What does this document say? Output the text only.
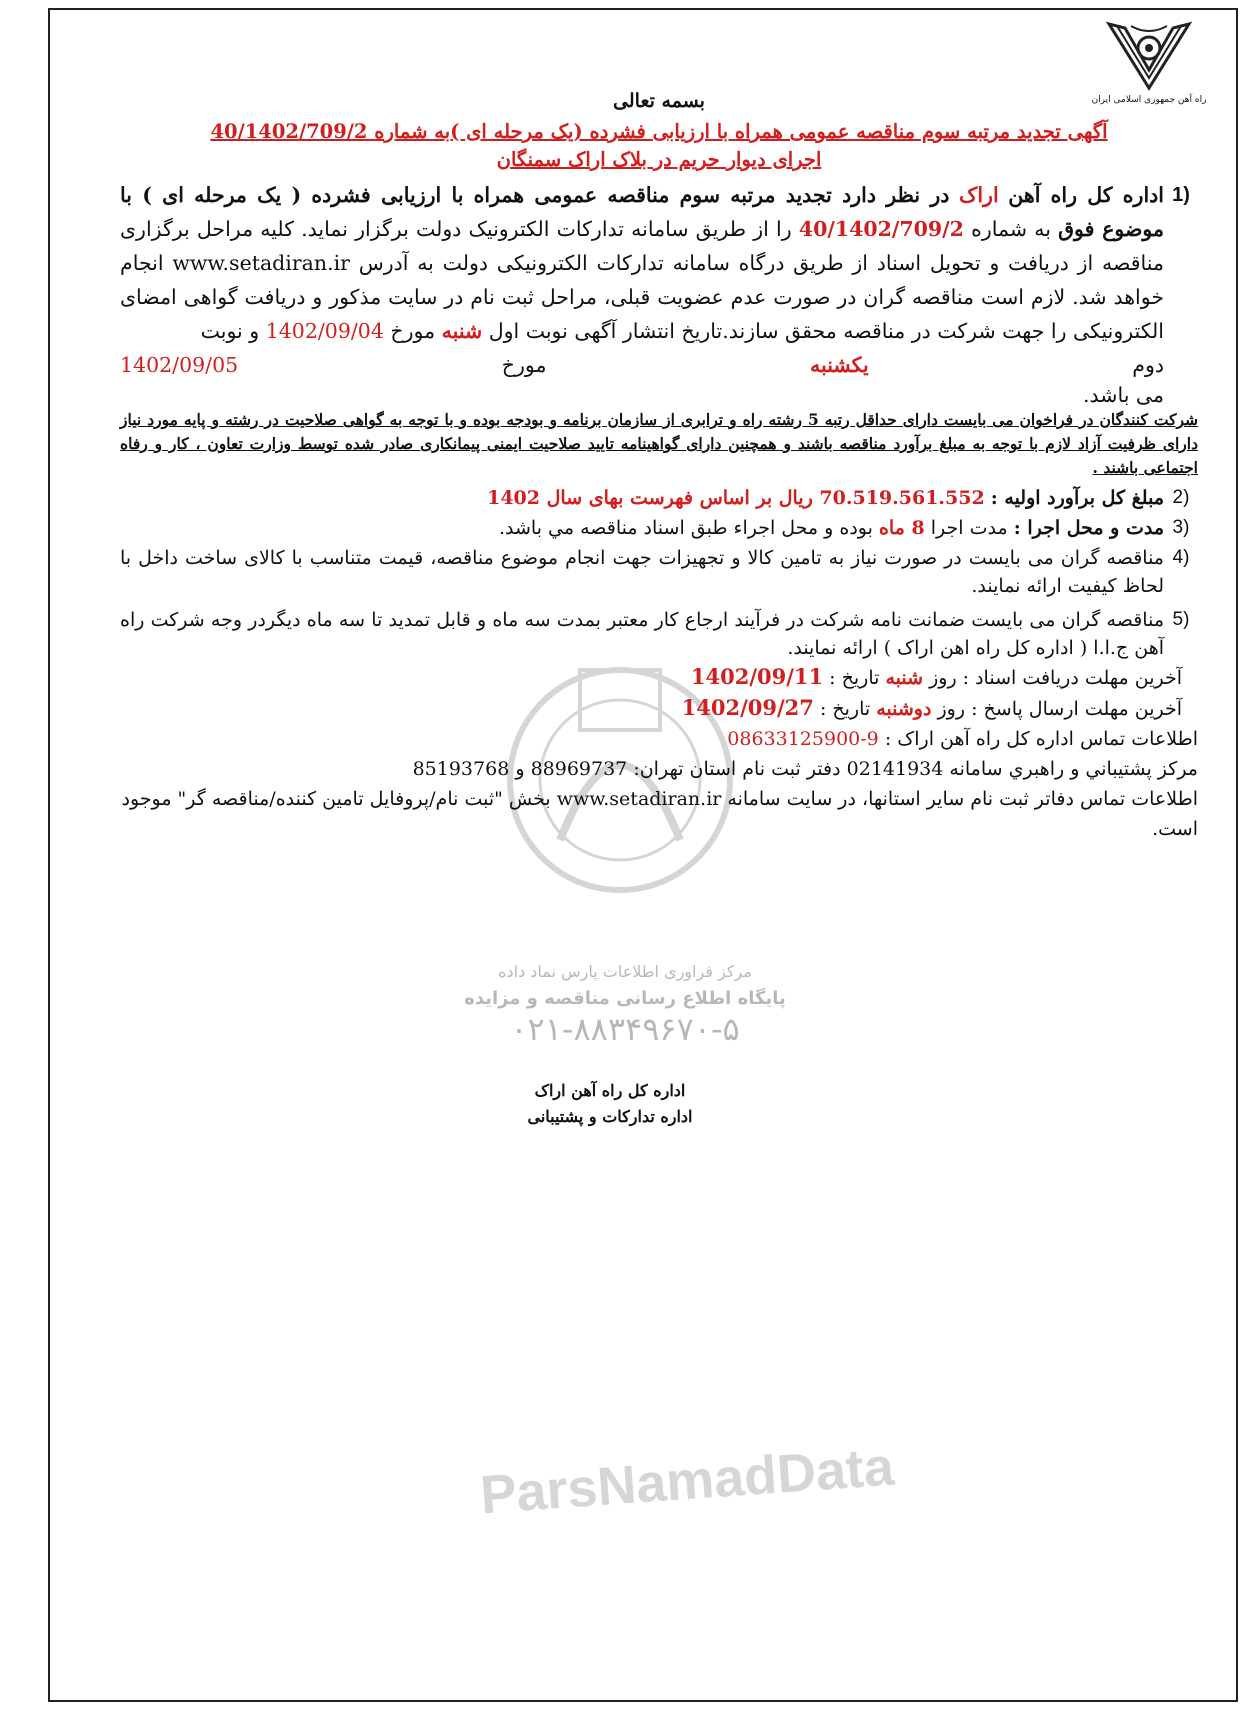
راه آهن جمهوری اسلامی ایران
مرکز فراوری اطلاعات پارس نماد داده
پایگاه اطلاع رسانی مناقصه و مزایده
۰۲۱-۸۸۳۴۹۶۷۰-۵
ParsNamadData
بسمه تعالی
آگهی تجدید مرتبه سوم مناقصه عمومی همراه با ارزیابی فشرده (یک مرحله ای )به شماره 40/1402/709/2
اجرای دیوار حریم در بلاک اراک سمنگان
1)
اداره کل راه آهن اراک در نظر دارد تجدید مرتبه سوم مناقصه عمومی همراه با ارزیابی فشرده ( یک مرحله ای ) با موضوع فوق به شماره 40/1402/709/2 را از طریق سامانه تدارکات الکترونیک دولت برگزار نماید. کلیه مراحل برگزاری مناقصه از دریافت و تحویل اسناد از طریق درگاه سامانه تدارکات الکترونیکی دولت به آدرس www.setadiran.ir انجام خواهد شد. لازم است مناقصه گران در صورت عدم عضویت قبلی، مراحل ثبت نام در سایت مذکور و دریافت گواهی امضای الکترونیکی را جهت شرکت در مناقصه محقق سازند.تاریخ انتشار آگهی نوبت اول شنبه مورخ 1402/09/04 و نوبت
دوم
یکشنبه
مورخ
1402/09/05
می باشد.
شرکت کنندگان در فراخوان می بایست دارای حداقل رتبه 5 رشته راه و ترابری از سازمان برنامه و بودجه بوده و با توجه به گواهی صلاحیت در رشته و پایه مورد نیاز دارای ظرفیت آزاد لازم با توجه به مبلغ برآورد مناقصه باشند و همچنین دارای گواهینامه تایید صلاحیت ایمنی پیمانکاری صادر شده توسط وزارت تعاون ، کار و رفاه اجتماعی باشند .
2)
مبلغ کل برآورد اولیه : 70.519.561.552 ریال بر اساس فهرست بهای سال 1402
3)
مدت و محل اجرا : مدت اجرا 8 ماه بوده و محل اجراء طبق اسناد مناقصه مي باشد.
4)
مناقصه گران می بایست در صورت نیاز به تامین کالا و تجهیزات جهت انجام موضوع مناقصه، قیمت متناسب با کالای ساخت داخل با لحاظ کیفیت ارائه نمایند.
5)
مناقصه گران می بایست ضمانت نامه شرکت در فرآیند ارجاع کار معتبر بمدت سه ماه و قابل تمدید تا سه ماه دیگردر وجه شرکت راه آهن ج.ا.ا ( اداره کل راه اهن اراک ) ارائه نمایند.
آخرین مهلت دریافت اسناد : روز شنبه تاریخ : 1402/09/11
آخرین مهلت ارسال پاسخ : روز دوشنبه تاریخ : 1402/09/27
اطلاعات تماس اداره کل راه آهن اراک : 08633125900-9
مرکز پشتيباني و راهبري سامانه 02141934 دفتر ثبت نام استان تهران: 88969737 و 85193768
اطلاعات تماس دفاتر ثبت نام سایر استانها، در سایت سامانه www.setadiran.ir بخش "ثبت نام/پروفایل تامین کننده/مناقصه گر" موجود است.
اداره کل راه آهن اراک
اداره تدارکات و پشتیبانی
